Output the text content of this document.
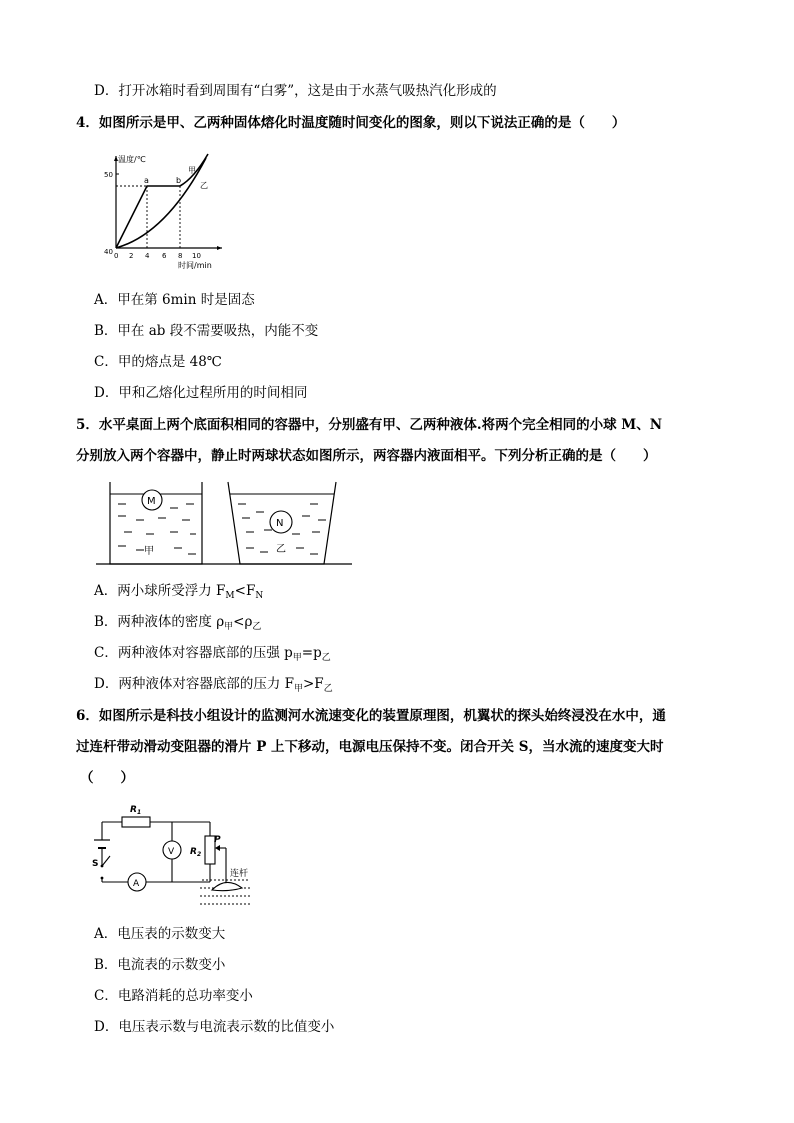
D．打开冰箱时看到周围有“白雾”，这是由于水蒸气吸热汽化形成的
4．如图所示是甲、乙两种固体熔化时温度随时间变化的图象，则以下说法正确的是（　　）
温度/℃
时间/min
50
40 0 2 4 6 8 10
a	b
甲
乙
A．甲在第 6min 时是固态
B．甲在 ab 段不需要吸热，内能不变
C．甲的熔点是 48℃
D．甲和乙熔化过程所用的时间相同
5．水平桌面上两个底面积相同的容器中，分别盛有甲、乙两种液体.将两个完全相同的小球 M、N
分别放入两个容器中，静止时两球状态如图所示，两容器内液面相平。下列分析正确的是（　　）
M
甲
N
乙
A．两小球所受浮力 $F_M<F_N$
B．两种液体的密度 $\rho_甲<\rho_乙$
C．两种液体对容器底部的压强 $p_甲=p_乙$
D．两种液体对容器底部的压力 $F_甲>F_乙$
6．如图所示是科技小组设计的监测河水流速变化的装置原理图，机翼状的探头始终浸没在水中，通
过连杆带动滑动变阻器的滑片 P 上下移动，电源电压保持不变。闭合开关 S，当水流的速度变大时
（　　）
S
$R_1$
A
V $R_2$
P
连杆
A．电压表的示数变大
B．电流表的示数变小
C．电路消耗的总功率变小
D．电压表示数与电流表示数的比值变小
